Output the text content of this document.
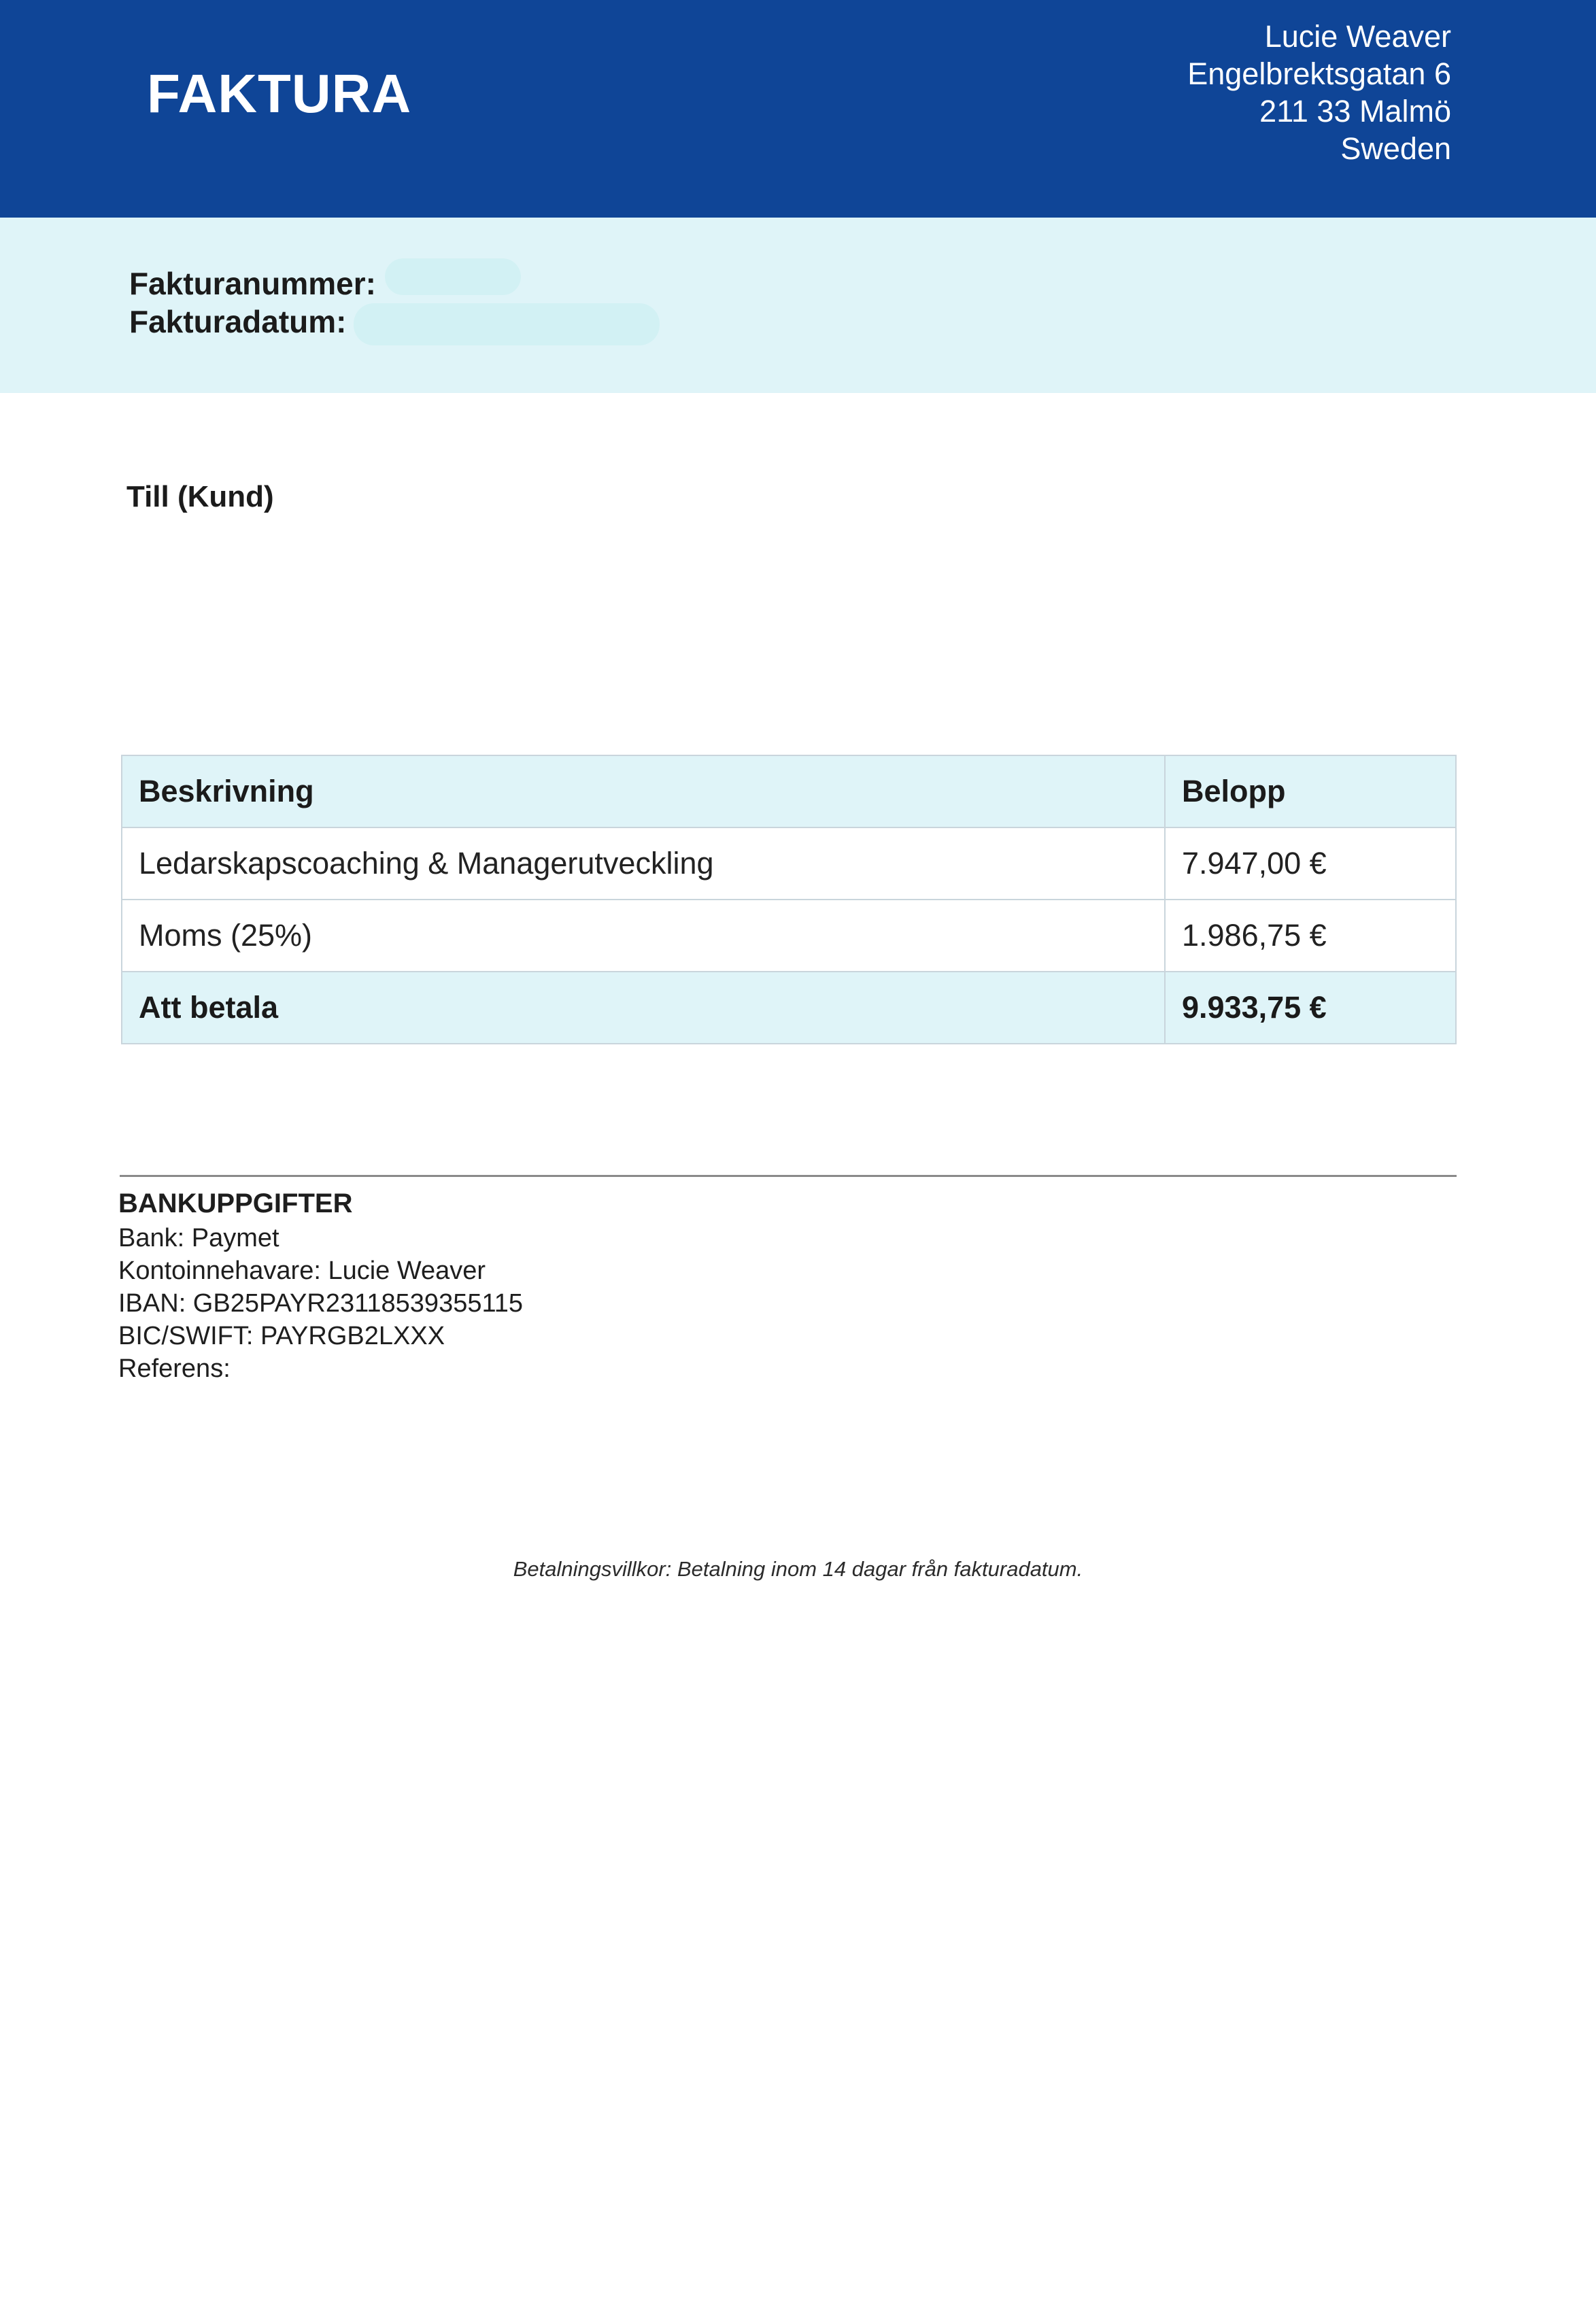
FAKTURA
Lucie Weaver
Engelbrektsgatan 6
211 33 Malmö
Sweden
Fakturanummer:
Fakturadatum:
Till (Kund)
Beskrivning	Belopp
Ledarskapscoaching & Managerutveckling	7.947,00 €
Moms (25%)	1.986,75 €
Att betala	9.933,75 €
BANKUPPGIFTER
Bank: Paymet
Kontoinnehavare: Lucie Weaver
IBAN: GB25PAYR23118539355115
BIC/SWIFT: PAYRGB2LXXX
Referens:
Betalningsvillkor: Betalning inom 14 dagar från fakturadatum.
